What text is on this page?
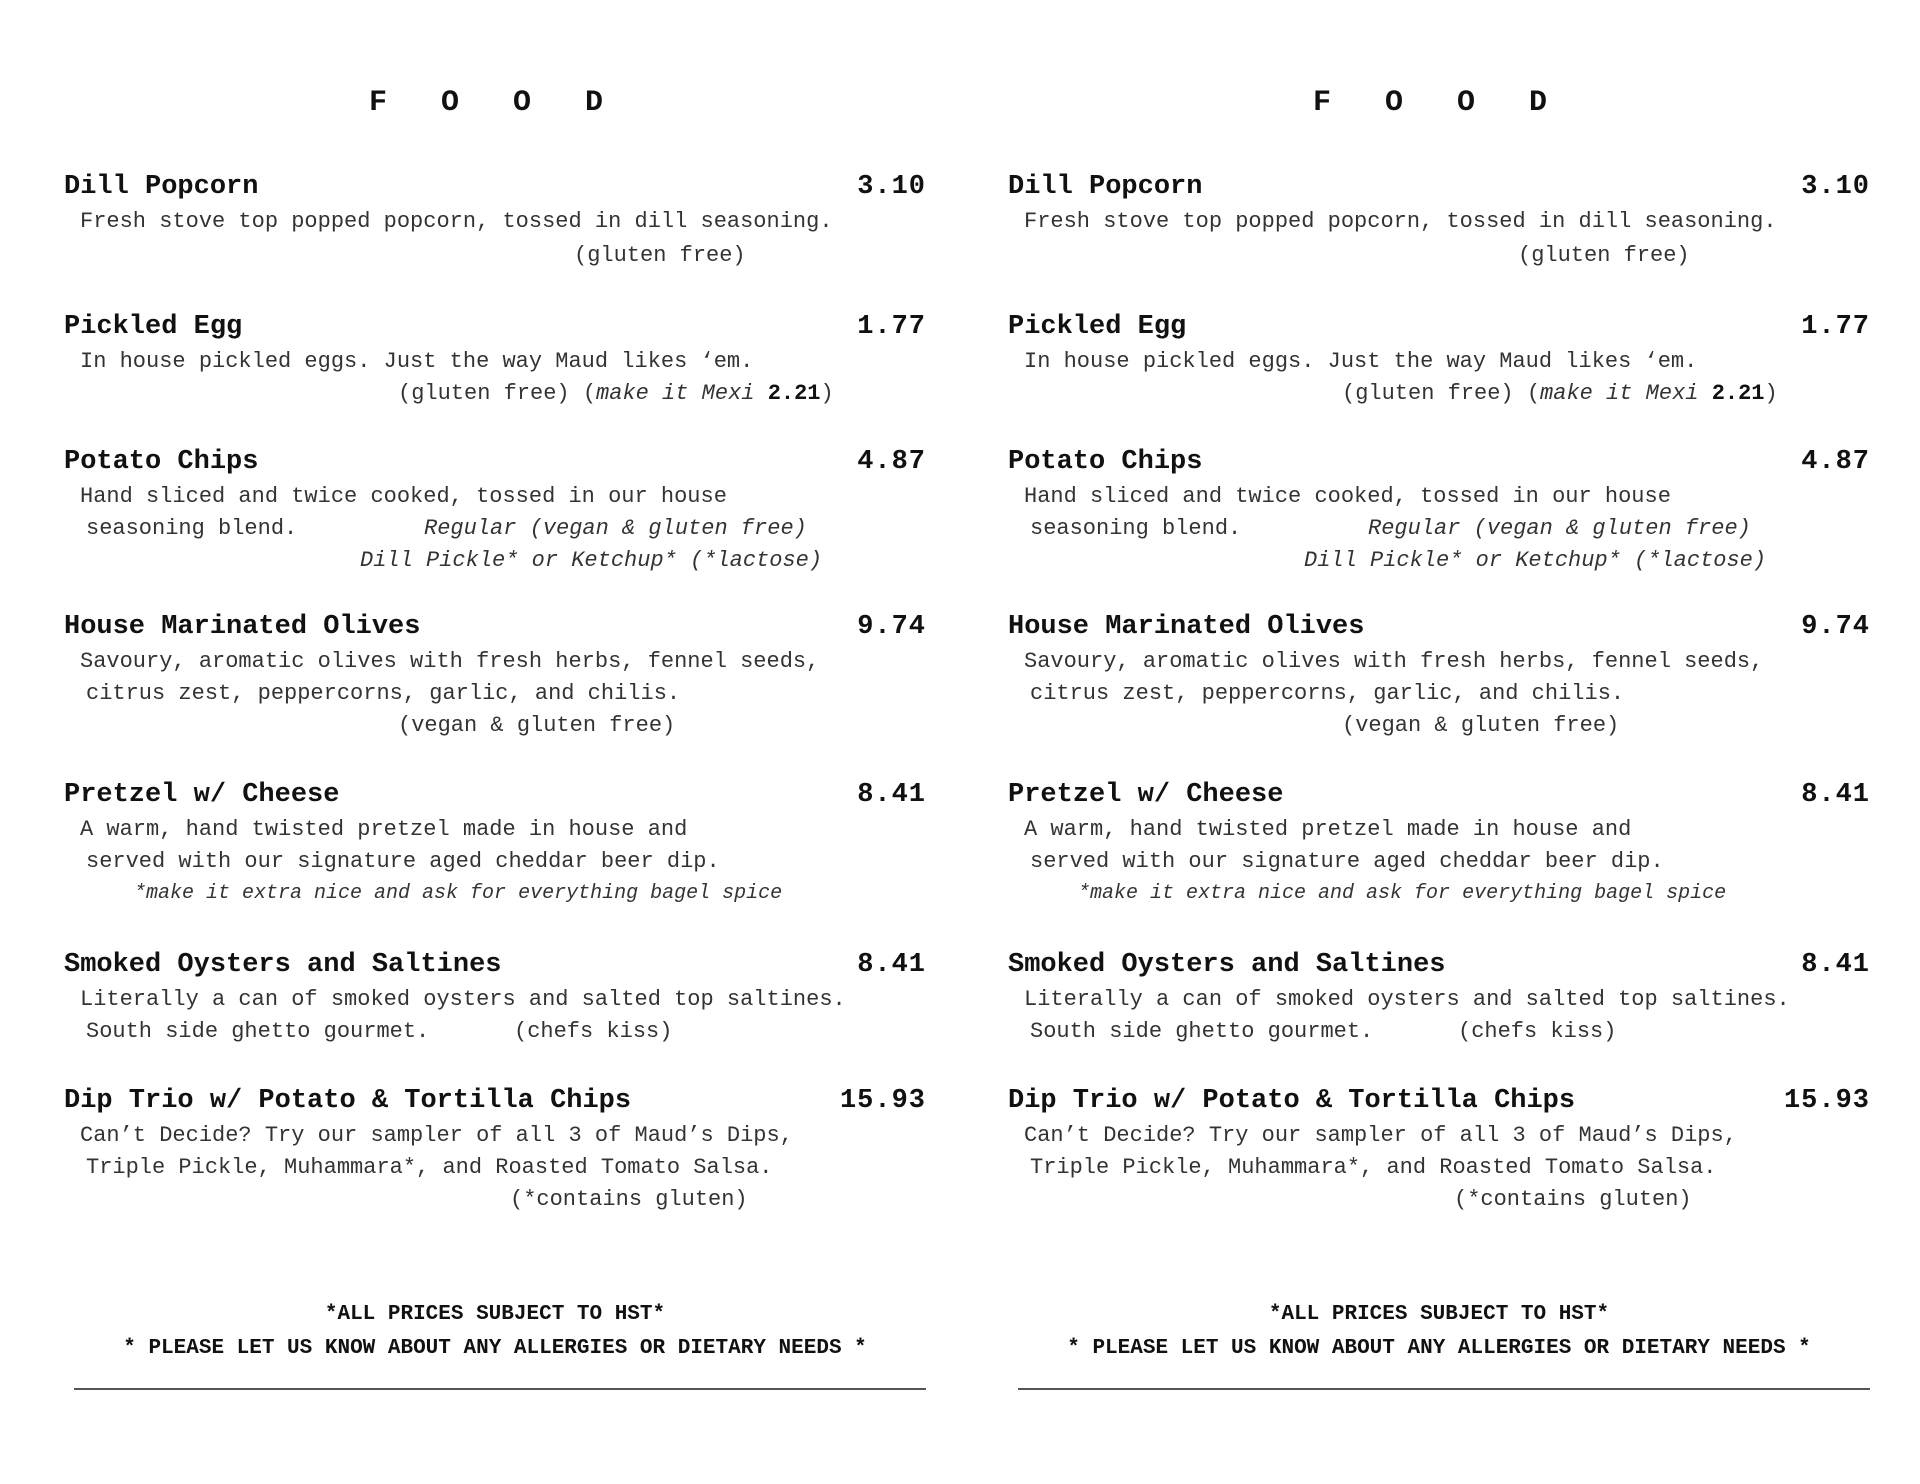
F O O D
Dill Popcorn	3.10
Fresh stove top popped popcorn, tossed in dill seasoning.
(gluten free)
Pickled Egg	1.77
In house pickled eggs. Just the way Maud likes ‘em.
(gluten free) (make it Mexi 2.21)
Potato Chips	4.87
Hand sliced and twice cooked, tossed in our house
seasoning blend.	Regular (vegan & gluten free)
Dill Pickle* or Ketchup* (*lactose)
House Marinated Olives	9.74
Savoury, aromatic olives with fresh herbs, fennel seeds,
citrus zest, peppercorns, garlic, and chilis.
(vegan & gluten free)
Pretzel w/ Cheese	8.41
A warm, hand twisted pretzel made in house and
served with our signature aged cheddar beer dip.
*make it extra nice and ask for everything bagel spice
Smoked Oysters and Saltines	8.41
Literally a can of smoked oysters and salted top saltines.
South side ghetto gourmet.	(chefs kiss)
Dip Trio w/ Potato & Tortilla Chips	15.93
Can’t Decide? Try our sampler of all 3 of Maud’s Dips,
Triple Pickle, Muhammara*, and Roasted Tomato Salsa.
(*contains gluten)
*ALL PRICES SUBJECT TO HST*
* PLEASE LET US KNOW ABOUT ANY ALLERGIES OR DIETARY NEEDS *
F O O D
Dill Popcorn	3.10
Fresh stove top popped popcorn, tossed in dill seasoning.
(gluten free)
Pickled Egg	1.77
In house pickled eggs. Just the way Maud likes ‘em.
(gluten free) (make it Mexi 2.21)
Potato Chips	4.87
Hand sliced and twice cooked, tossed in our house
seasoning blend.	Regular (vegan & gluten free)
Dill Pickle* or Ketchup* (*lactose)
House Marinated Olives	9.74
Savoury, aromatic olives with fresh herbs, fennel seeds,
citrus zest, peppercorns, garlic, and chilis.
(vegan & gluten free)
Pretzel w/ Cheese	8.41
A warm, hand twisted pretzel made in house and
served with our signature aged cheddar beer dip.
*make it extra nice and ask for everything bagel spice
Smoked Oysters and Saltines	8.41
Literally a can of smoked oysters and salted top saltines.
South side ghetto gourmet.	(chefs kiss)
Dip Trio w/ Potato & Tortilla Chips	15.93
Can’t Decide? Try our sampler of all 3 of Maud’s Dips,
Triple Pickle, Muhammara*, and Roasted Tomato Salsa.
(*contains gluten)
*ALL PRICES SUBJECT TO HST*
* PLEASE LET US KNOW ABOUT ANY ALLERGIES OR DIETARY NEEDS *
